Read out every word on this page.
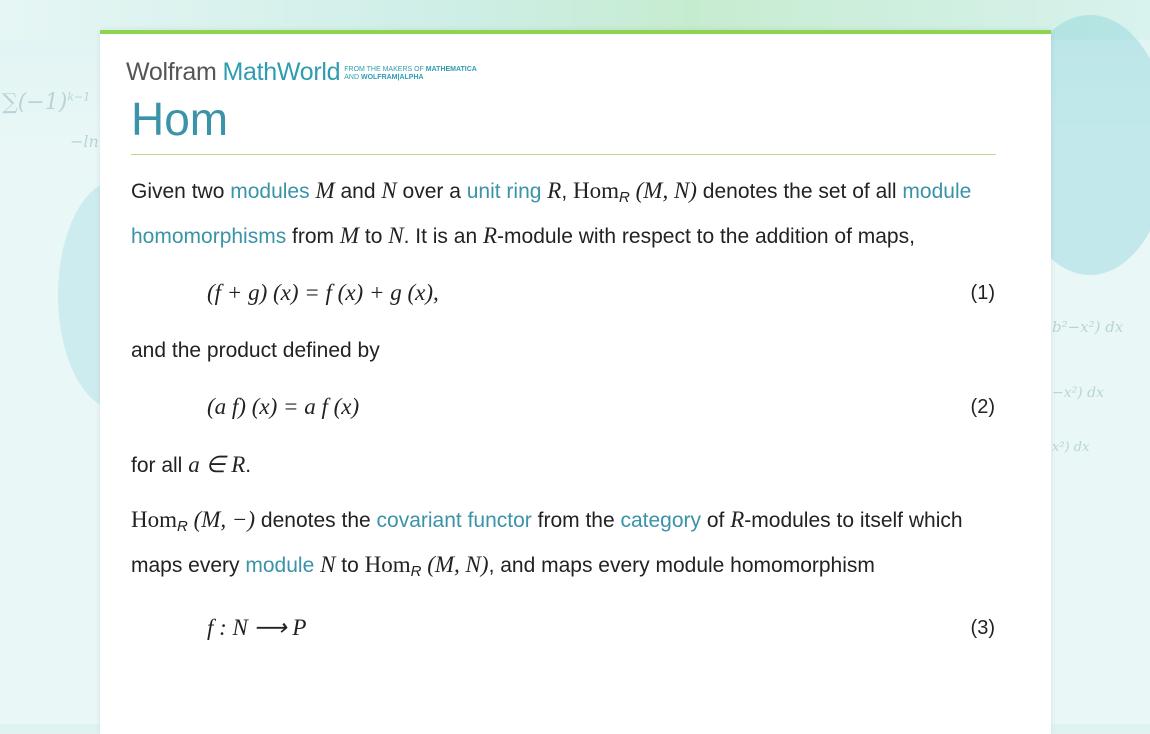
$\sum(-1)^{k-1}$
−ln
b²−x²) dx
−x²) dx
x²) dx
Wolfram MathWorld FROM THE MAKERS OF MATHEMATICA
AND WOLFRAM|ALPHA
Hom

Given two modules M and N over a unit ring R, Hom$_R$ (M, N) denotes the set of all module homomorphisms from M to N. It is an R-module with respect to the addition of maps,

(f + g) (x) = f (x) + g (x),	(1)

and the product defined by

(a f) (x) = a f (x)	(2)

for all a ∈ R.

Hom$_R$ (M, −) denotes the covariant functor from the category of R-modules to itself which maps every module N to Hom$_R$ (M, N), and maps every module homomorphism

f : N ⟶ P	(3)
